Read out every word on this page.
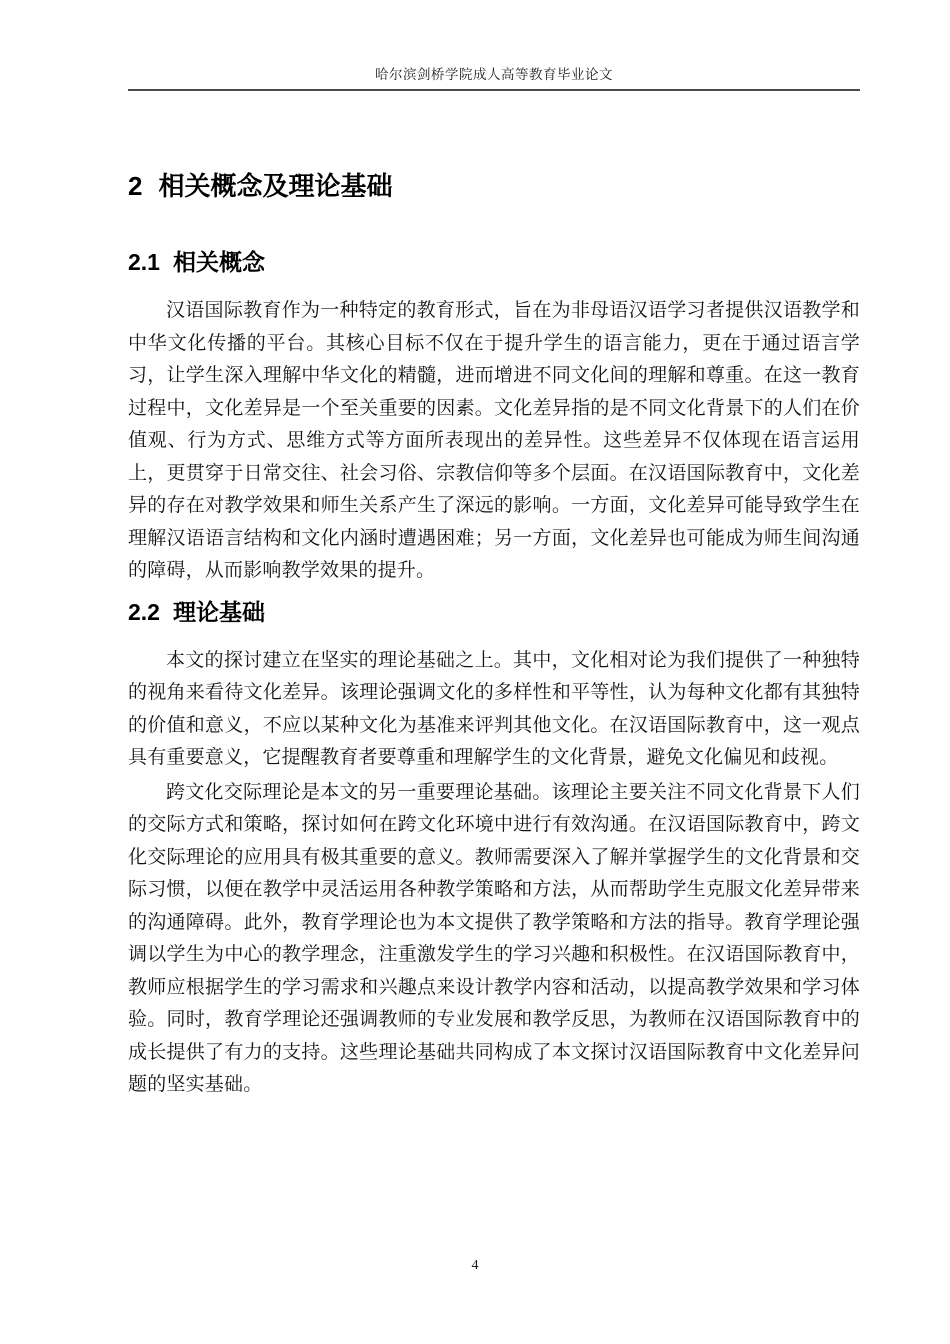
哈尔滨剑桥学院成人高等教育毕业论文
2 相关概念及理论基础
2.1 相关概念

汉语国际教育作为一种特定的教育形式，旨在为非母语汉语学习者提供汉语教学和中华文化传播的平台。其核心目标不仅在于提升学生的语言能力，更在于通过语言学习，让学生深入理解中华文化的精髓，进而增进不同文化间的理解和尊重。在这一教育过程中，文化差异是一个至关重要的因素。文化差异指的是不同文化背景下的人们在价值观、行为方式、思维方式等方面所表现出的差异性。这些差异不仅体现在语言运用上，更贯穿于日常交往、社会习俗、宗教信仰等多个层面。在汉语国际教育中，文化差异的存在对教学效果和师生关系产生了深远的影响。一方面，文化差异可能导致学生在理解汉语语言结构和文化内涵时遭遇困难；另一方面，文化差异也可能成为师生间沟通的障碍，从而影响教学效果的提升。

2.2 理论基础

本文的探讨建立在坚实的理论基础之上。其中，文化相对论为我们提供了一种独特的视角来看待文化差异。该理论强调文化的多样性和平等性，认为每种文化都有其独特的价值和意义，不应以某种文化为基准来评判其他文化。在汉语国际教育中，这一观点具有重要意义，它提醒教育者要尊重和理解学生的文化背景，避免文化偏见和歧视。

跨文化交际理论是本文的另一重要理论基础。该理论主要关注不同文化背景下人们的交际方式和策略，探讨如何在跨文化环境中进行有效沟通。在汉语国际教育中，跨文化交际理论的应用具有极其重要的意义。教师需要深入了解并掌握学生的文化背景和交际习惯，以便在教学中灵活运用各种教学策略和方法，从而帮助学生克服文化差异带来的沟通障碍。此外，教育学理论也为本文提供了教学策略和方法的指导。教育学理论强调以学生为中心的教学理念，注重激发学生的学习兴趣和积极性。在汉语国际教育中，教师应根据学生的学习需求和兴趣点来设计教学内容和活动，以提高教学效果和学习体验。同时，教育学理论还强调教师的专业发展和教学反思，为教师在汉语国际教育中的成长提供了有力的支持。这些理论基础共同构成了本文探讨汉语国际教育中文化差异问题的坚实基础。

4
